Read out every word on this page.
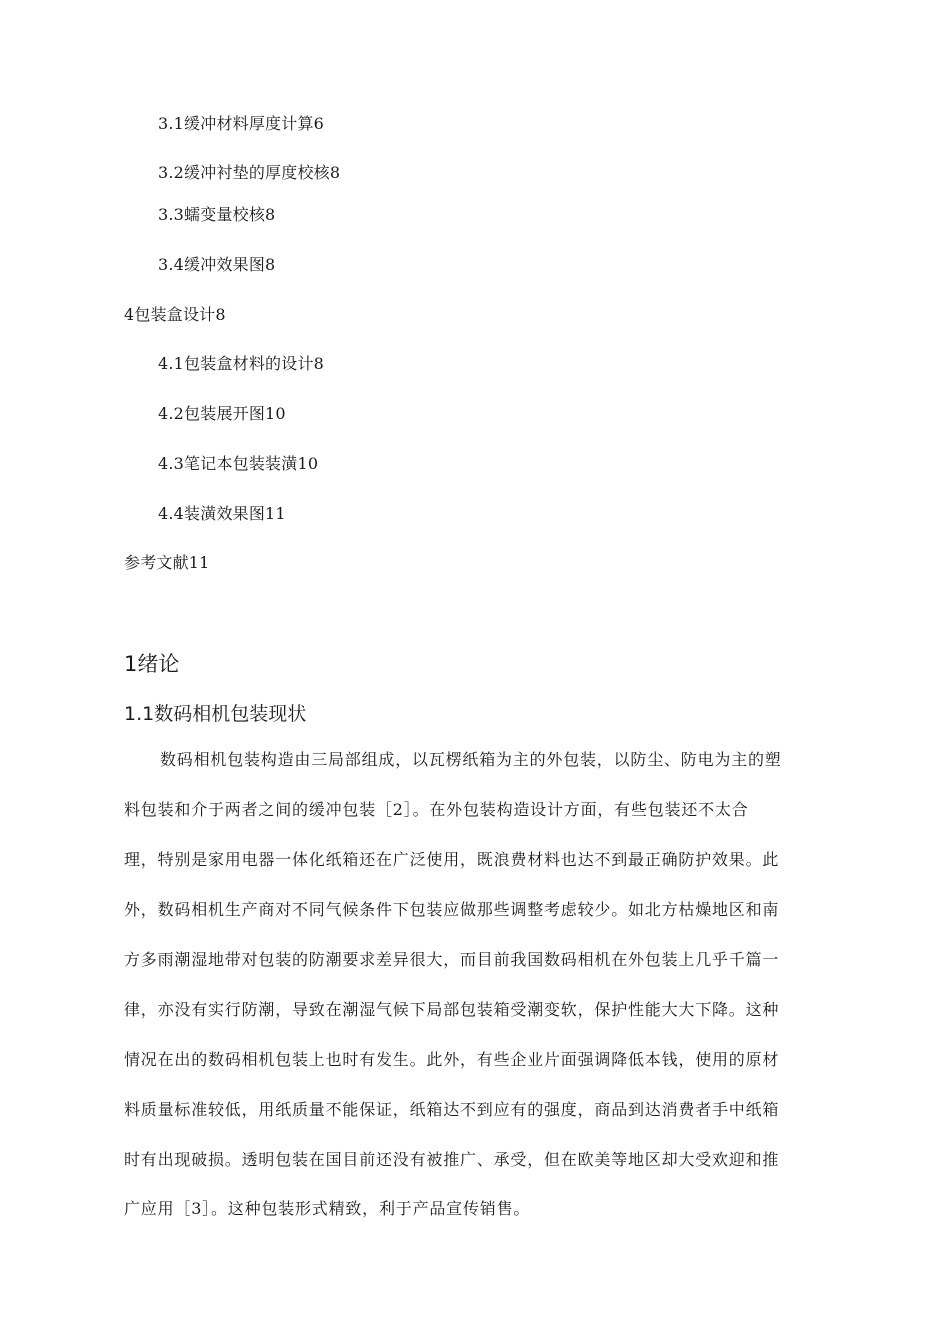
3.1缓冲材料厚度计算6
3.2缓冲衬垫的厚度校核8
3.3蠕变量校核8
3.4缓冲效果图8
4包装盒设计8
4.1包装盒材料的设计8
4.2包装展开图10
4.3笔记本包装装潢10
4.4装潢效果图11
参考文献11
1绪论
1.1数码相机包装现状
数码相机包装构造由三局部组成，以瓦楞纸箱为主的外包装，以防尘、防电为主的塑
料包装和介于两者之间的缓冲包装［2］。在外包装构造设计方面，有些包装还不太合
理，特别是家用电器一体化纸箱还在广泛使用，既浪费材料也达不到最正确防护效果。此
外，数码相机生产商对不同气候条件下包装应做那些调整考虑较少。如北方枯燥地区和南
方多雨潮湿地带对包装的防潮要求差异很大，而目前我国数码相机在外包装上几乎千篇一
律，亦没有实行防潮，导致在潮湿气候下局部包装箱受潮变软，保护性能大大下降。这种
情况在出的数码相机包装上也时有发生。此外，有些企业片面强调降低本钱，使用的原材
料质量标准较低，用纸质量不能保证，纸箱达不到应有的强度，商品到达消费者手中纸箱
时有出现破损。透明包装在国目前还没有被推广、承受，但在欧美等地区却大受欢迎和推
广应用［3］。这种包装形式精致，利于产品宣传销售。
